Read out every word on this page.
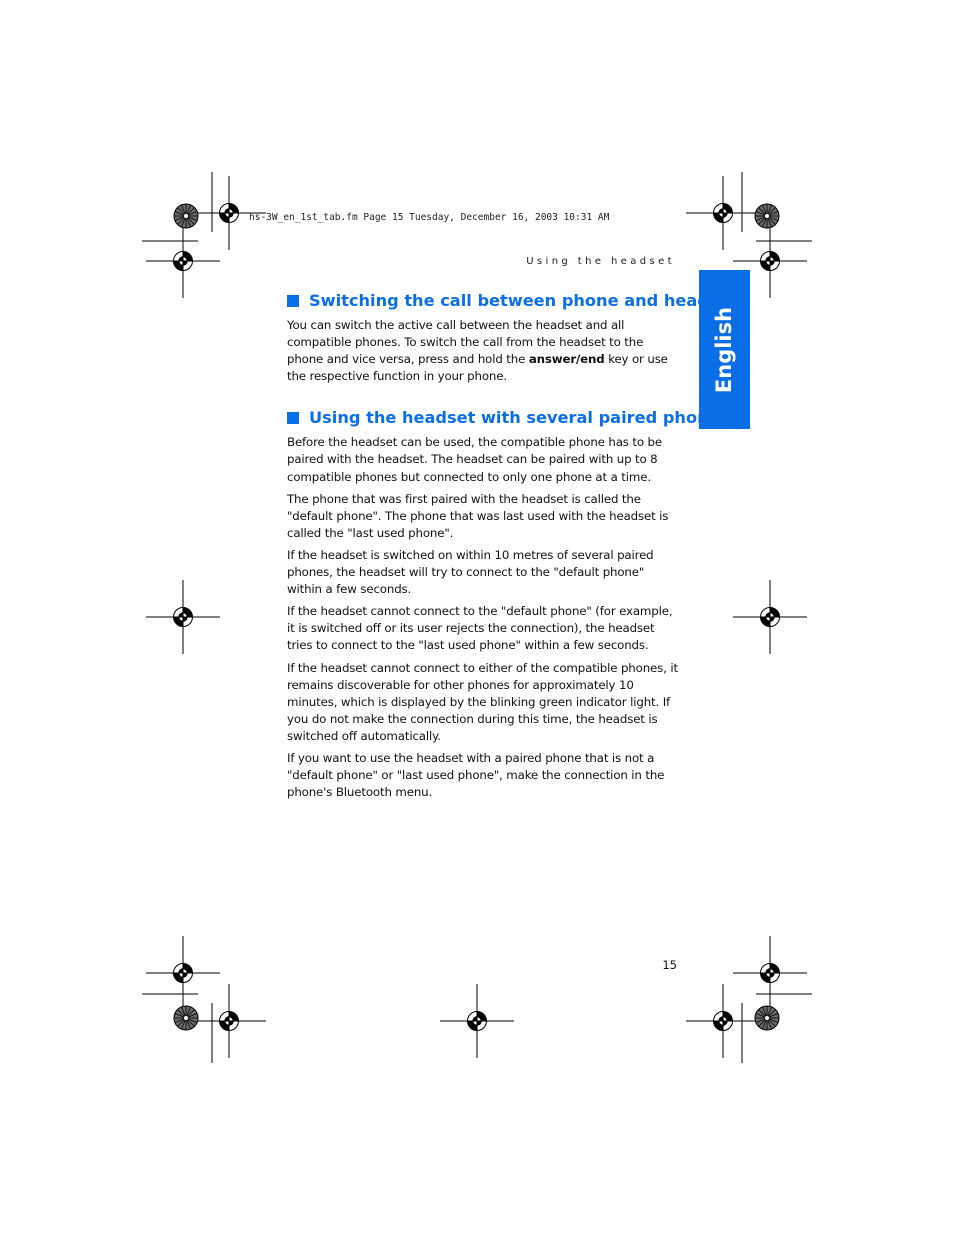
hs-3W_en_1st_tab.fm Page 15 Tuesday, December 16, 2003 10:31 AM
Using the headset
English
Switching the call between phone and headset

You can switch the active call between the headset and all compatible phones. To switch the call from the headset to the phone and vice versa, press and hold the answer/end key or use the respective function in your phone.

Using the headset with several paired phones

Before the headset can be used, the compatible phone has to be paired with the headset. The headset can be paired with up to 8 compatible phones but connected to only one phone at a time.

The phone that was first paired with the headset is called the "default phone". The phone that was last used with the headset is called the "last used phone".

If the headset is switched on within 10 metres of several paired phones, the headset will try to connect to the "default phone" within a few seconds.

If the headset cannot connect to the "default phone" (for example, it is switched off or its user rejects the connection), the headset tries to connect to the "last used phone" within a few seconds.

If the headset cannot connect to either of the compatible phones, it remains discoverable for other phones for approximately 10 minutes, which is displayed by the blinking green indicator light. If you do not make the connection during this time, the headset is switched off automatically.

If you want to use the headset with a paired phone that is not a "default phone" or "last used phone", make the connection in the phone's Bluetooth menu.

15
